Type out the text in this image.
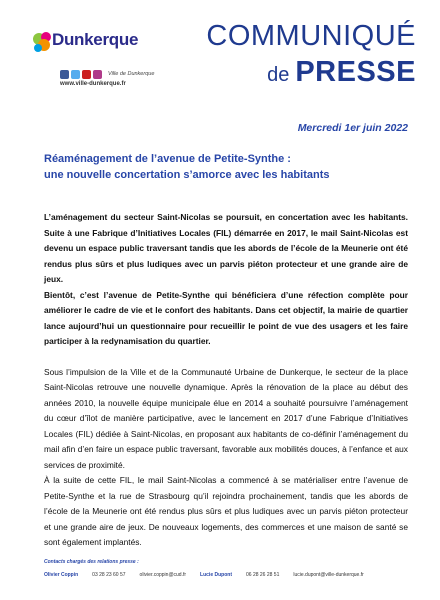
Dunkerque
Ville de Dunkerque
www.ville-dunkerque.fr
COMMUNIQUÉ
de PRESSE
Mercredi 1er juin 2022
Réaménagement de l’avenue de Petite-Synthe :
une nouvelle concertation s’amorce avec les habitants

L’aménagement du secteur Saint-Nicolas se poursuit, en concertation avec les habitants. Suite à une Fabrique d’Initiatives Locales (FIL) démarrée en 2017, le mail Saint-Nicolas est devenu un espace public traversant tandis que les abords de l’école de la Meunerie ont été rendus plus sûrs et plus ludiques avec un parvis piéton protecteur et une grande aire de jeux.

Bientôt, c’est l’avenue de Petite-Synthe qui bénéficiera d’une réfection complète pour améliorer le cadre de vie et le confort des habitants. Dans cet objectif, la mairie de quartier lance aujourd’hui un questionnaire pour recueillir le point de vue des usagers et les faire participer à la redynamisation du quartier.

Sous l’impulsion de la Ville et de la Communauté Urbaine de Dunkerque, le secteur de la place Saint-Nicolas retrouve une nouvelle dynamique. Après la rénovation de la place au début des années 2010, la nouvelle équipe municipale élue en 2014 a souhaité poursuivre l’aménagement du cœur d’îlot de manière participative, avec le lancement en 2017 d’une Fabrique d’Initiatives Locales (FIL) dédiée à Saint-Nicolas, en proposant aux habitants de co-définir l’aménagement du mail afin d’en faire un espace public traversant, favorable aux mobilités douces, à l’enfance et aux services de proximité.

À la suite de cette FIL, le mail Saint-Nicolas a commencé à se matérialiser entre l’avenue de Petite-Synthe et la rue de Strasbourg qu’il rejoindra prochainement, tandis que les abords de l’école de la Meunerie ont été rendus plus sûrs et plus ludiques avec un parvis piéton protecteur et une grande aire de jeux. De nouveaux logements, des commerces et une maison de santé se sont également implantés.

Contacts chargés des relations presse :
Olivier Coppin	03 28 23 60 57	olivier.coppin@cud.fr	Lucie Dupont	06 28 26 28 51	lucie.dupont@ville-dunkerque.fr
